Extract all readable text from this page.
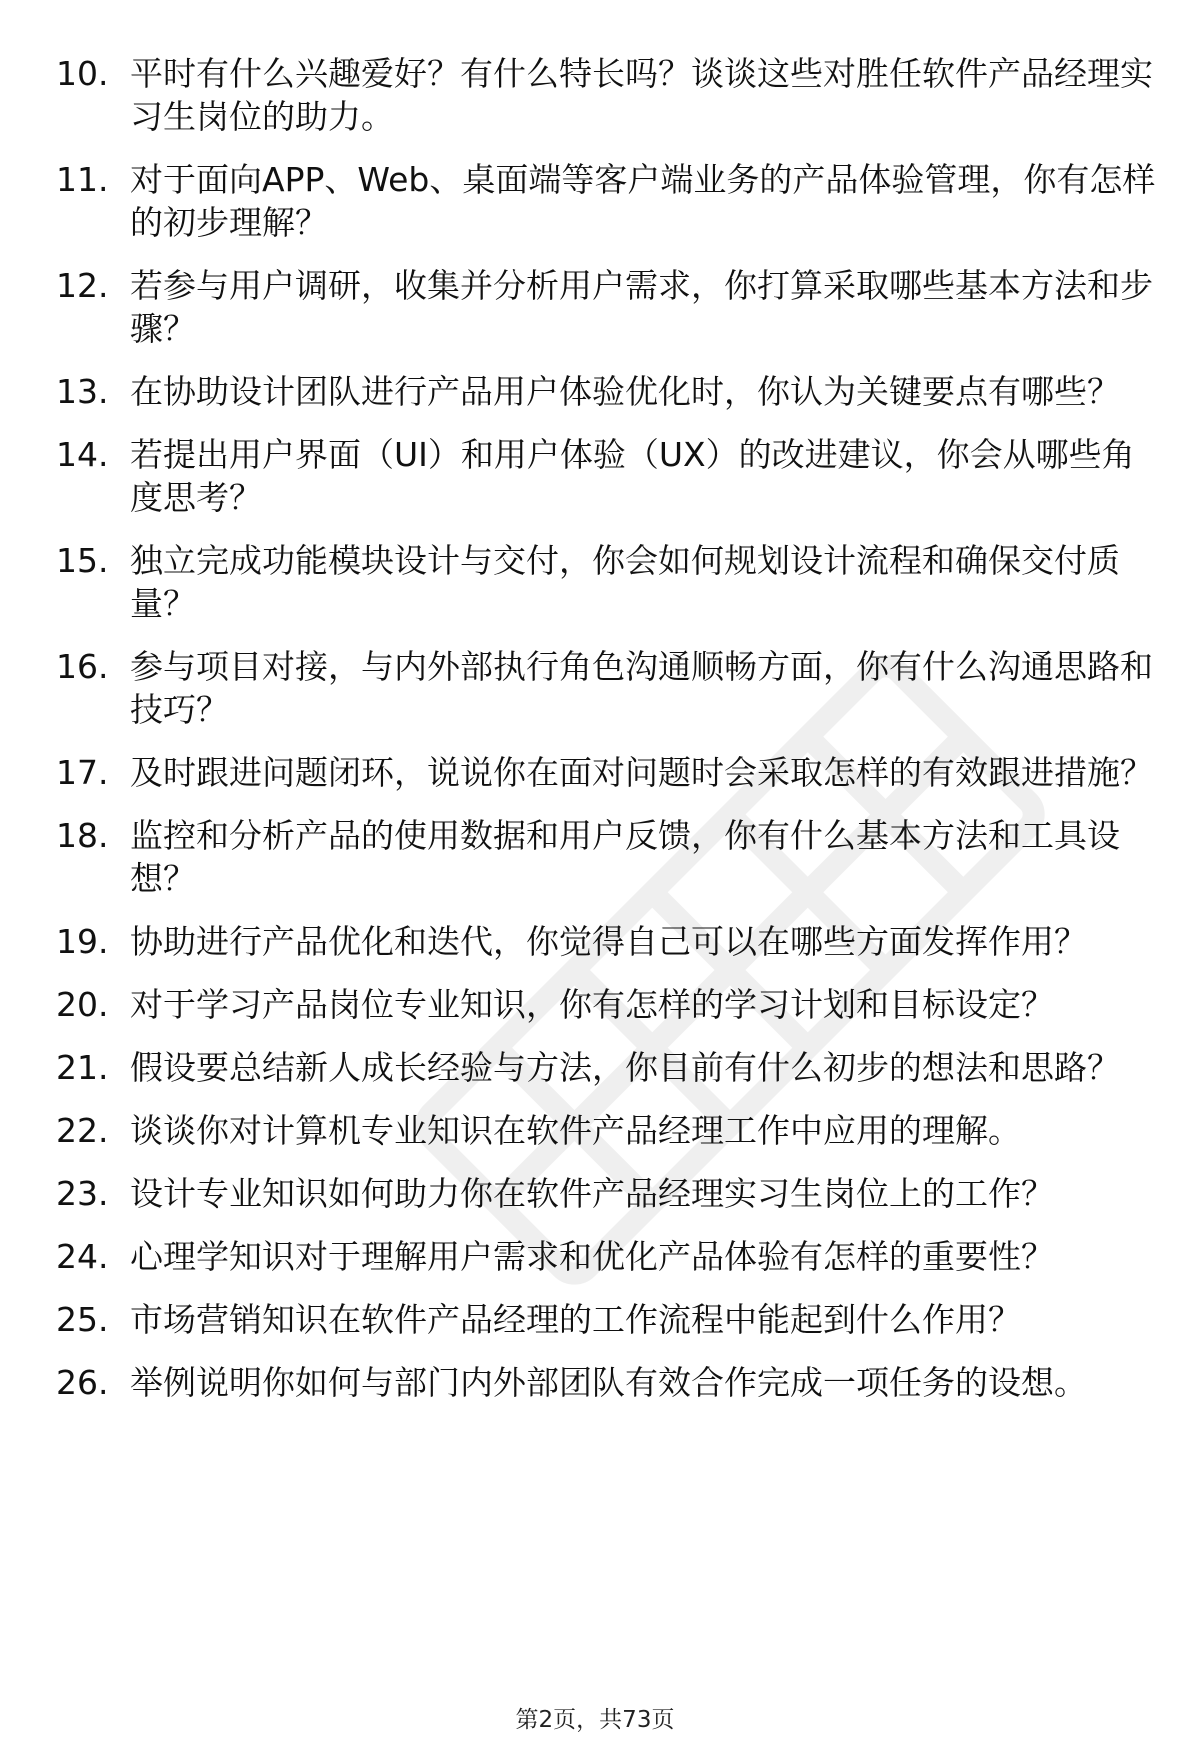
10. 平时有什么兴趣爱好？有什么特长吗？谈谈这些对胜任软件产品经理实习生岗位的助力。
11. 对于面向APP、Web、桌面端等客户端业务的产品体验管理，你有怎样的初步理解？
12. 若参与用户调研，收集并分析用户需求，你打算采取哪些基本方法和步骤？
13. 在协助设计团队进行产品用户体验优化时，你认为关键要点有哪些？
14. 若提出用户界面（UI）和用户体验（UX）的改进建议，你会从哪些角度思考？
15. 独立完成功能模块设计与交付，你会如何规划设计流程和确保交付质量？
16. 参与项目对接，与内外部执行角色沟通顺畅方面，你有什么沟通思路和技巧？
17. 及时跟进问题闭环，说说你在面对问题时会采取怎样的有效跟进措施？
18. 监控和分析产品的使用数据和用户反馈，你有什么基本方法和工具设想？
19. 协助进行产品优化和迭代，你觉得自己可以在哪些方面发挥作用？
20. 对于学习产品岗位专业知识，你有怎样的学习计划和目标设定？
21. 假设要总结新人成长经验与方法，你目前有什么初步的想法和思路？
22. 谈谈你对计算机专业知识在软件产品经理工作中应用的理解。
23. 设计专业知识如何助力你在软件产品经理实习生岗位上的工作？
24. 心理学知识对于理解用户需求和优化产品体验有怎样的重要性？
25. 市场营销知识在软件产品经理的工作流程中能起到什么作用？
26. 举例说明你如何与部门内外部团队有效合作完成一项任务的设想。
第2页，共73页
